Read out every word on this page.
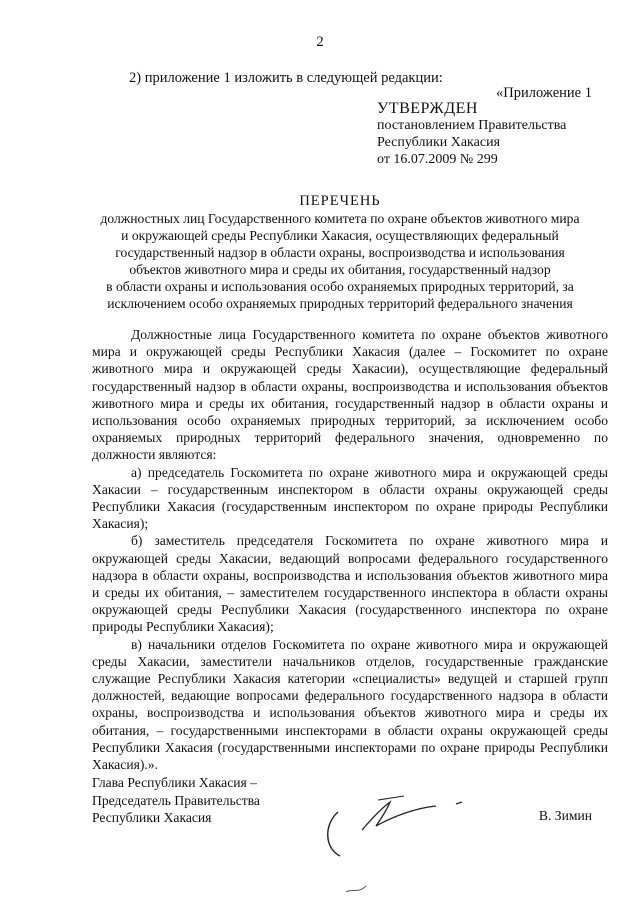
2
2) приложение 1 изложить в следующей редакции:
«Приложение 1
УТВЕРЖДЕН
постановлением Правительства
Республики Хакасия
от 16.07.2009 № 299
ПЕРЕЧЕНЬ
должностных лиц Государственного комитета по охране объектов животного мира
и окружающей среды Республики Хакасия, осуществляющих федеральный
государственный надзор в области охраны, воспроизводства и использования
объектов животного мира и среды их обитания, государственный надзор
в области охраны и использования особо охраняемых природных территорий, за
исключением особо охраняемых природных территорий федерального значения

Должностные лица Государственного комитета по охране объектов животного мира и окружающей среды Республики Хакасия (далее – Госкомитет по охране животного мира и окружающей среды Хакасии), осуществляющие федеральный государственный надзор в области охраны, воспроизводства и использования объектов животного мира и среды их обитания, государственный надзор в области охраны и использования особо охраняемых природных территорий, за исключением особо охраняемых природных территорий федерального значения, одновременно по должности являются:

а) председатель Госкомитета по охране животного мира и окружающей среды Хакасии – государственным инспектором в области охраны окружающей среды Республики Хакасия (государственным инспектором по охране природы Республики Хакасия);

б) заместитель председателя Госкомитета по охране животного мира и окружающей среды Хакасии, ведающий вопросами федерального государственного надзора в области охраны, воспроизводства и использования объектов животного мира и среды их обитания, – заместителем государственного инспектора в области охраны окружающей среды Республики Хакасия (государственного инспектора по охране природы Республики Хакасия);

в) начальники отделов Госкомитета по охране животного мира и окружающей среды Хакасии, заместители начальников отделов, государственные гражданские служащие Республики Хакасия категории «специалисты» ведущей и старшей групп должностей, ведающие вопросами федерального государственного надзора в области охраны, воспроизводства и использования объектов животного мира и среды их обитания, – государственными инспекторами в области охраны окружающей среды Республики Хакасия (государственными инспекторами по охране природы Республики Хакасия).».

Глава Республики Хакасия –
Председатель Правительства
Республики Хакасия	В. Зимин
